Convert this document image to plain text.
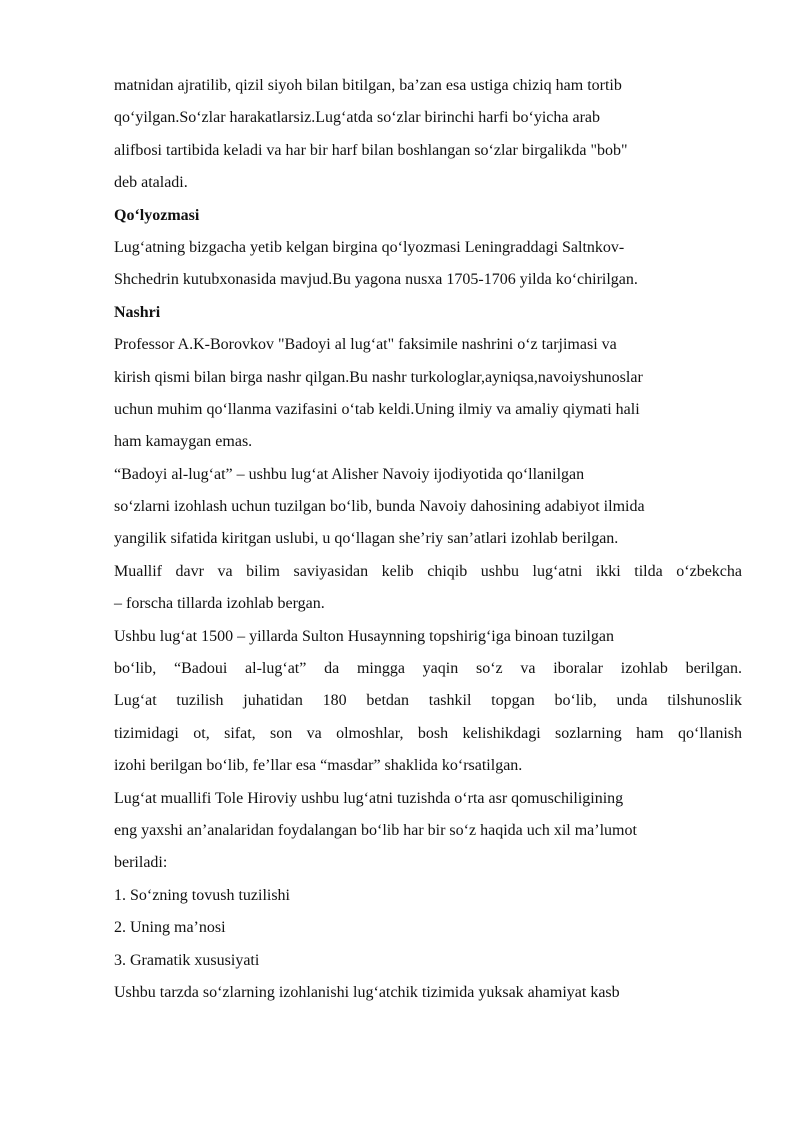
matnidan ajratilib, qizil siyoh bilan bitilgan, ba’zan esa ustiga chiziq ham tortib
qo‘yilgan.So‘zlar harakatlarsiz.Lug‘atda so‘zlar birinchi harfi bo‘yicha arab
alifbosi tartibida keladi va har bir harf bilan boshlangan so‘zlar birgalikda "bob"
deb ataladi.
Qo‘lyozmasi
Lug‘atning bizgacha yetib kelgan birgina qo‘lyozmasi Leningraddagi Saltnkov-
Shchedrin kutubxonasida mavjud.Bu yagona nusxa 1705-1706 yilda ko‘chirilgan.
Nashri
Professor A.K-Borovkov "Badoyi al lug‘at" faksimile nashrini o‘z tarjimasi va
kirish qismi bilan birga nashr qilgan.Bu nashr turkologlar,ayniqsa,navoiyshunoslar
uchun muhim qo‘llanma vazifasini o‘tab keldi.Uning ilmiy va amaliy qiymati hali
ham kamaygan emas.
“Badoyi al-lug‘at” – ushbu lug‘at Alisher Navoiy ijodiyotida qo‘llanilgan
so‘zlarni izohlash uchun tuzilgan bo‘lib, bunda Navoiy dahosining adabiyot ilmida
yangilik sifatida kiritgan uslubi, u qo‘llagan she’riy san’atlari izohlab berilgan.
Muallif davr va bilim saviyasidan kelib chiqib ushbu lug‘atni ikki tilda o‘zbekcha
– forscha tillarda izohlab bergan.
Ushbu lug‘at 1500 – yillarda Sulton Husaynning topshirig‘iga binoan tuzilgan
bo‘lib, “Badoui al-lug‘at” da mingga yaqin so‘z va iboralar izohlab berilgan.
Lug‘at tuzilish juhatidan 180 betdan tashkil topgan bo‘lib, unda tilshunoslik
tizimidagi ot, sifat, son va olmoshlar, bosh kelishikdagi sozlarning ham qo‘llanish
izohi berilgan bo‘lib, fe’llar esa “masdar” shaklida ko‘rsatilgan.
Lug‘at muallifi Tole Hiroviy ushbu lug‘atni tuzishda o‘rta asr qomuschiligining
eng yaxshi an’analaridan foydalangan bo‘lib har bir so‘z haqida uch xil ma’lumot
beriladi:
1. So‘zning tovush tuzilishi
2. Uning ma’nosi
3. Gramatik xususiyati
Ushbu tarzda so‘zlarning izohlanishi lug‘atchik tizimida yuksak ahamiyat kasb
